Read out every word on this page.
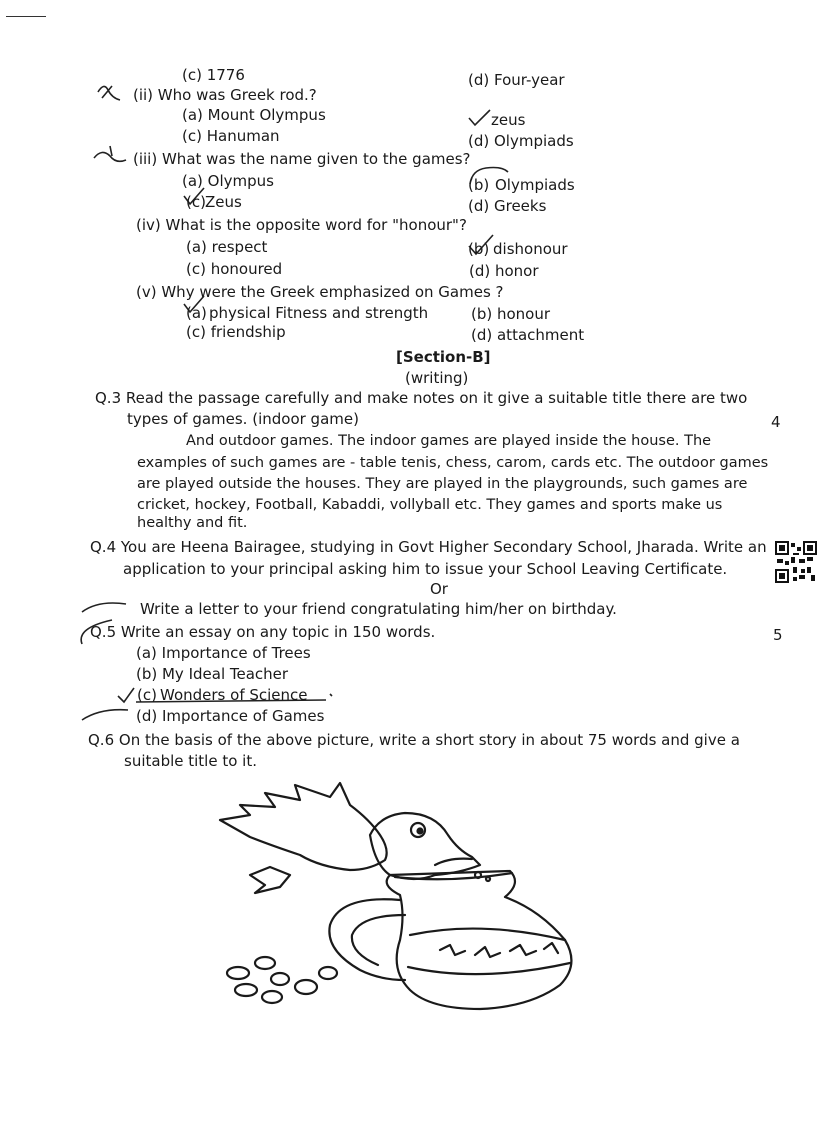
(c) 1776	(d) Four-year
(ii) Who was Greek rod.?
(a) Mount Olympus	zeus
(c) Hanuman	(d) Olympiads
(iii) What was the name given to the games?
(a) Olympus	(b) Olympiads
(c) Zeus	(d) Greeks
(iv) What is the opposite word for "honour"?
(a) respect	(b) dishonour
(c) honoured	(d) honor
(v) Why were the Greek emphasized on Games ?
(a) physical Fitness and strength	(b) honour
(c) friendship	(d) attachment
[Section-B]
(writing)
Q.3 Read the passage carefully and make notes on it give a suitable title there are two
types of games. (indoor game)	4
And outdoor games. The indoor games are played inside the house. The
examples of such games are - table tenis, chess, carom, cards etc. The outdoor games
are played outside the houses. They are played in the playgrounds, such games are
cricket, hockey, Football, Kabaddi, vollyball etc. They games and sports make us
healthy and fit.
Q.4 You are Heena Bairagee, studying in Govt Higher Secondary School, Jharada. Write an
application to your principal asking him to issue your School Leaving Certificate.
Or
Write a letter to your friend congratulating him/her on birthday.
Q.5 Write an essay on any topic in 150 words.	5
(a) Importance of Trees
(b) My Ideal Teacher
(c) Wonders of Science
(d) Importance of Games
Q.6 On the basis of the above picture, write a short story in about 75 words and give a
suitable title to it.
